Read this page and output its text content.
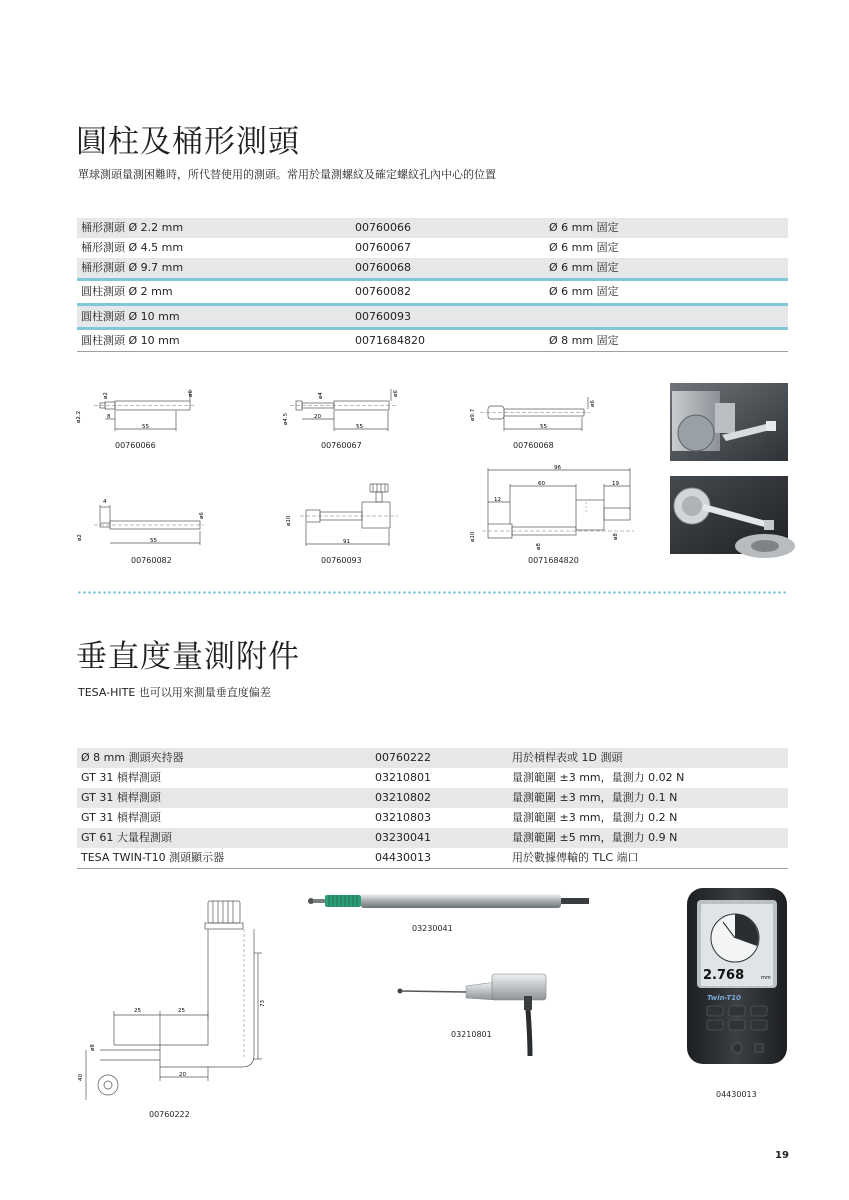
圓柱及桶形測頭
單球測頭量測困難時，所代替使用的測頭。常用於量測螺紋及確定螺紋孔內中心的位置
桶形測頭 Ø 2.2 mm	00760066	Ø 6 mm 固定
桶形測頭 Ø 4.5 mm	00760067	Ø 6 mm 固定
桶形測頭 Ø 9.7 mm	00760068	Ø 6 mm 固定
圓柱測頭 Ø 2 mm	00760082	Ø 6 mm 固定
圓柱測頭 Ø 10 mm	00760093
圓柱測頭 Ø 10 mm	0071684820	Ø 8 mm 固定
ø2.2
ø2
8
55
ø6
00760066
ø4.5
ø4
20
55
ø6
00760067
ø9.7
55
ø6
00760068
ø2
4
55
ø6
00760082
ø10
91
00760093
96
60	19
12
ø10
ø8
ø8
0071684820
垂直度量測附件
TESA-HITE 也可以用來測量垂直度偏差
Ø 8 mm 測頭夾持器	00760222	用於槓桿表或 1D 測頭
GT 31 槓桿測頭	03210801	量測範圍 ±3 mm，量測力 0.02 N
GT 31 槓桿測頭	03210802	量測範圍 ±3 mm，量測力 0.1 N
GT 31 槓桿測頭	03210803	量測範圍 ±3 mm，量測力 0.2 N
GT 61 大量程測頭	03230041	量測範圍 ±5 mm，量測力 0.9 N
TESA TWIN-T10 測頭顯示器	04430013	用於數據傳輸的 TLC 端口
25	25
73
ø8
40	20
00760222
03230041
03210801
2.768	mm
Twin-T10
04430013
19
